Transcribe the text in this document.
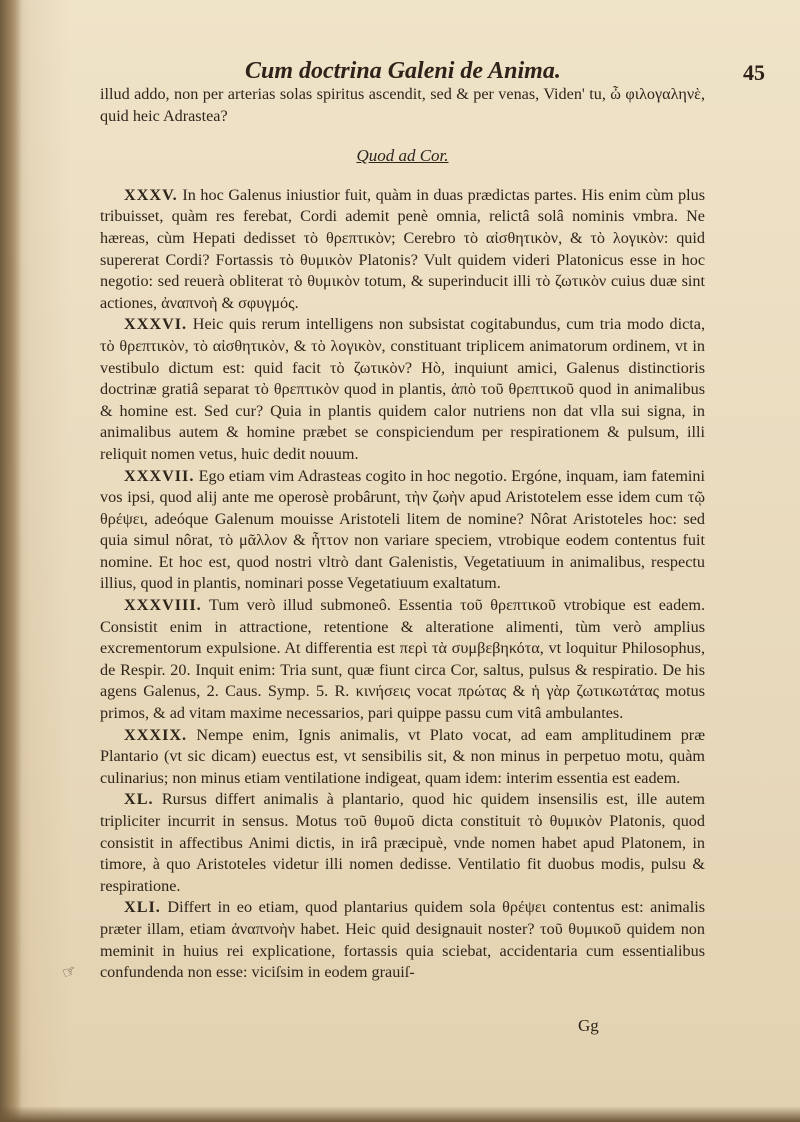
Cum doctrina Galeni de Anima.	45

illud addo, non per arterias solas spiritus ascendit, sed & per venas, Viden' tu, ὦ φιλογαληνὲ, quid heic Adrastea?

Quod ad Cor.

XXXV. In hoc Galenus iniustior fuit, quàm in duas prædictas partes. His enim cùm plus tribuisset, quàm res ferebat, Cordi ademit penè omnia, relictâ solâ nominis vmbra. Ne hæreas, cùm Hepati dedisset τὸ θρεπτικὸν; Cerebro τὸ αἰσθητικὸν, & τὸ λογικὸν: quid supererat Cordi? Fortassis τὸ θυμικὸν Platonis? Vult quidem videri Platonicus esse in hoc negotio: sed reuerà obliterat τὸ θυμικὸν totum, & superinducit illi τὸ ζωτικὸν cuius duæ sint actiones, ἀναπνοὴ & σφυγμός.

XXXVI. Heic quis rerum intelligens non subsistat cogitabundus, cum tria modo dicta, τὸ θρεπτικὸν, τὸ αἰσθητικὸν, & τὸ λογικὸν, constituant triplicem animatorum ordinem, vt in vestibulo dictum est: quid facit τὸ ζωτικὸν? Hò, inquiunt amici, Galenus distinctioris doctrinæ gratiâ separat τὸ θρεπτικὸν quod in plantis, ἀπὸ τοῦ θρεπτικοῦ quod in animalibus & homine est. Sed cur? Quia in plantis quidem calor nutriens non dat vlla sui signa, in animalibus autem & homine præbet se conspiciendum per respirationem & pulsum, illi reliquit nomen vetus, huic dedit nouum.

XXXVII. Ego etiam vim Adrasteas cogito in hoc negotio. Ergóne, inquam, iam fatemini vos ipsi, quod alij ante me operosè probârunt, τὴν ζωὴν apud Aristotelem esse idem cum τῷ θρέψει, adeóque Galenum mouisse Aristoteli litem de nomine? Nôrat Aristoteles hoc: sed quia simul nôrat, τὸ μᾶλλον & ἧττον non variare speciem, vtrobique eodem contentus fuit nomine. Et hoc est, quod nostri vltrò dant Galenistis, Vegetatiuum in animalibus, respectu illius, quod in plantis, nominari posse Vegetatiuum exaltatum.

XXXVIII. Tum verò illud submoneô. Essentia τοῦ θρεπτικοῦ vtrobique est eadem. Consistit enim in attractione, retentione & alteratione alimenti, tùm verò amplius excrementorum expulsione. At differentia est περὶ τὰ συμβεβηκότα, vt loquitur Philosophus, de Respir. 20. Inquit enim: Tria sunt, quæ fiunt circa Cor, saltus, pulsus & respiratio. De his agens Galenus, 2. Caus. Symp. 5. R. κινήσεις vocat πρώτας & ἡ γὰρ ζωτικωτάτας motus primos, & ad vitam maxime necessarios, pari quippe passu cum vitâ ambulantes.

XXXIX. Nempe enim, Ignis animalis, vt Plato vocat, ad eam amplitudinem præ Plantario (vt sic dicam) euectus est, vt sensibilis sit, & non minus in perpetuo motu, quàm culinarius; non minus etiam ventilatione indigeat, quam idem: interim essentia est eadem.

XL. Rursus differt animalis à plantario, quod hic quidem insensilis est, ille autem tripliciter incurrit in sensus. Motus τοῦ θυμοῦ dicta constituit τὸ θυμικὸν Platonis, quod consistit in affectibus Animi dictis, in irâ præcipuè, vnde nomen habet apud Platonem, in timore, à quo Aristoteles videtur illi nomen dedisse. Ventilatio fit duobus modis, pulsu & respiratione.

XLI. Differt in eo etiam, quod plantarius quidem sola θρέψει contentus est: animalis præter illam, etiam ἀναπνοὴν habet. Heic quid designauit noster? τοῦ θυμικοῦ quidem non meminit in huius rei explicatione, fortassis quia sciebat, accidentaria cum essentialibus confundenda non esse: viciſsim in eodem grauiſ-

Gg
☞
